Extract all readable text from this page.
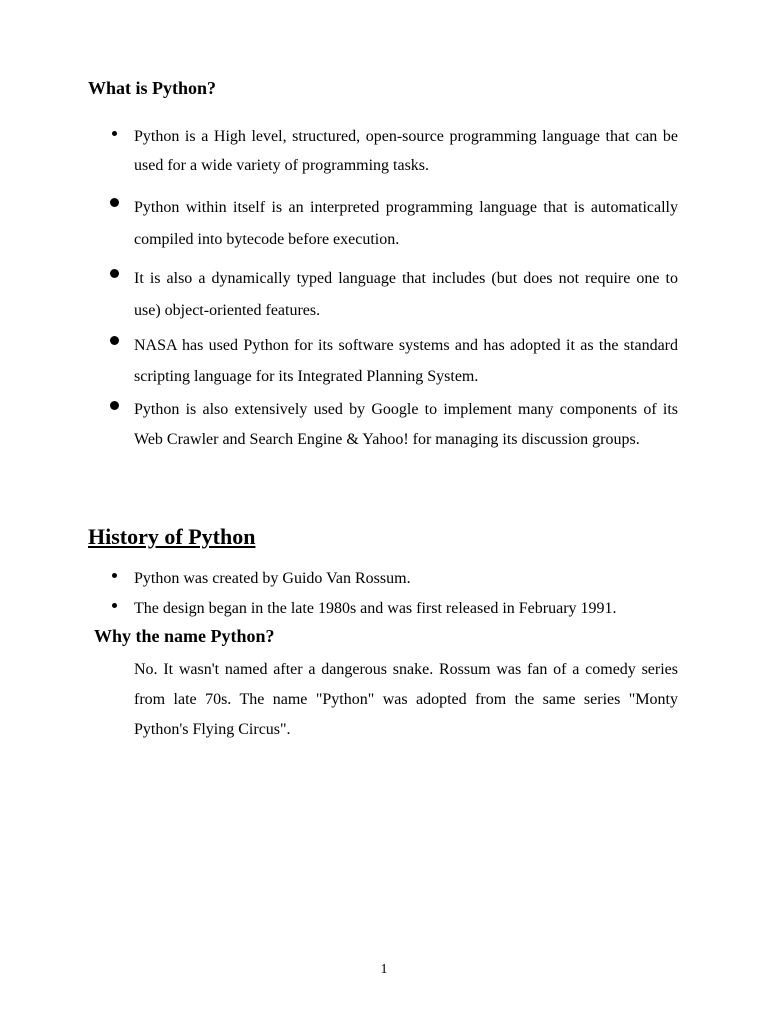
What is Python?
Python is a High level, structured, open-source programming language that can be used for a wide variety of programming tasks.
Python within itself is an interpreted programming language that is automatically compiled into bytecode before execution.
It is also a dynamically typed language that includes (but does not require one to use) object-oriented features.
NASA has used Python for its software systems and has adopted it as the standard scripting language for its Integrated Planning System.
Python is also extensively used by Google to implement many components of its Web Crawler and Search Engine & Yahoo! for managing its discussion groups.
History of Python
Python was created by Guido Van Rossum.
The design began in the late 1980s and was first released in February 1991.
Why the name Python?

No. It wasn't named after a dangerous snake. Rossum was fan of a comedy series from late 70s. The name "Python" was adopted from the same series "Monty Python's Flying Circus".

1
